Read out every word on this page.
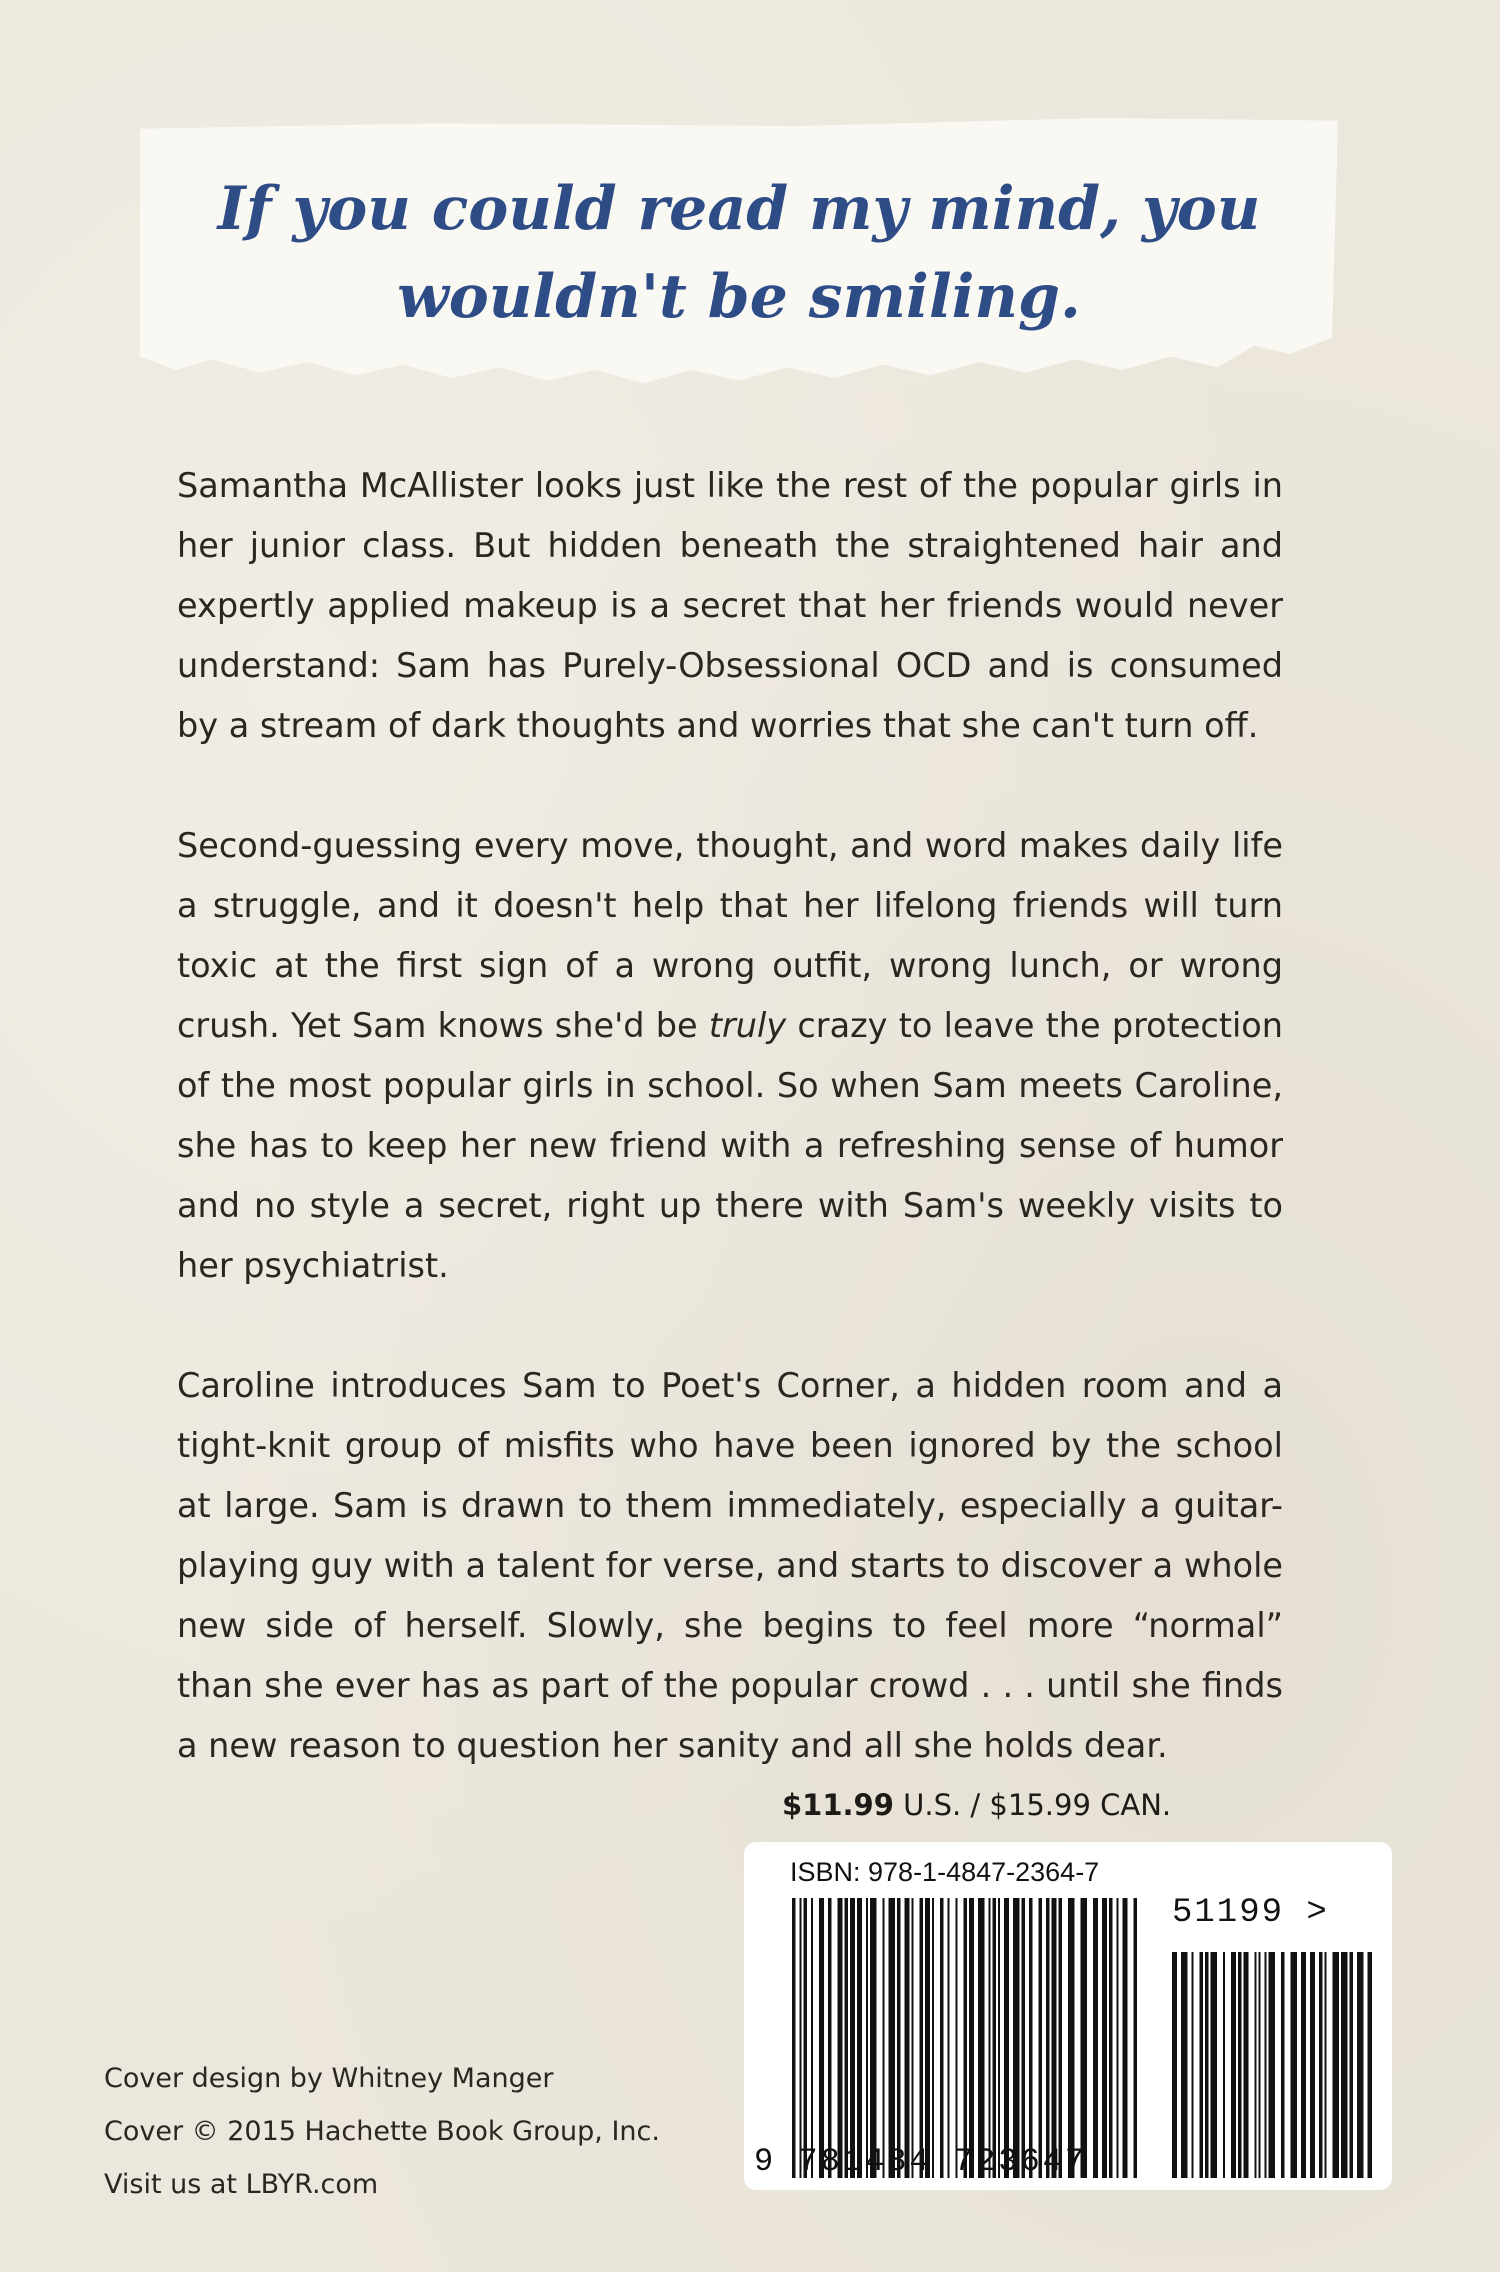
If you could read my mind, you
wouldn't be smiling.

Samantha McAllister looks just like the rest of the popular girls in her junior class. But hidden beneath the straightened hair and expertly applied makeup is a secret that her friends would never understand: Sam has Purely-Obsessional OCD and is consumed by a stream of dark thoughts and worries that she can't turn off.

Second-guessing every move, thought, and word makes daily life a struggle, and it doesn't help that her lifelong friends will turn toxic at the first sign of a wrong outfit, wrong lunch, or wrong crush. Yet Sam knows she'd be truly crazy to leave the protection of the most popular girls in school. So when Sam meets Caroline, she has to keep her new friend with a refreshing sense of humor and no style a secret, right up there with Sam's weekly visits to her psychiatrist.

Caroline introduces Sam to Poet's Corner, a hidden room and a tight-knit group of misfits who have been ignored by the school at large. Sam is drawn to them immediately, especially a guitar-playing guy with a talent for verse, and starts to discover a whole new side of herself. Slowly, she begins to feel more “normal” than she ever has as part of the popular crowd . . . until she finds a new reason to question her sanity and all she holds dear.

$11.99 U.S. / $15.99 CAN.
ISBN: 978-1-4847-2364-7
51199 >
9 781484 723647
Cover design by Whitney Manger
Cover © 2015 Hachette Book Group, Inc.
Visit us at LBYR.com
